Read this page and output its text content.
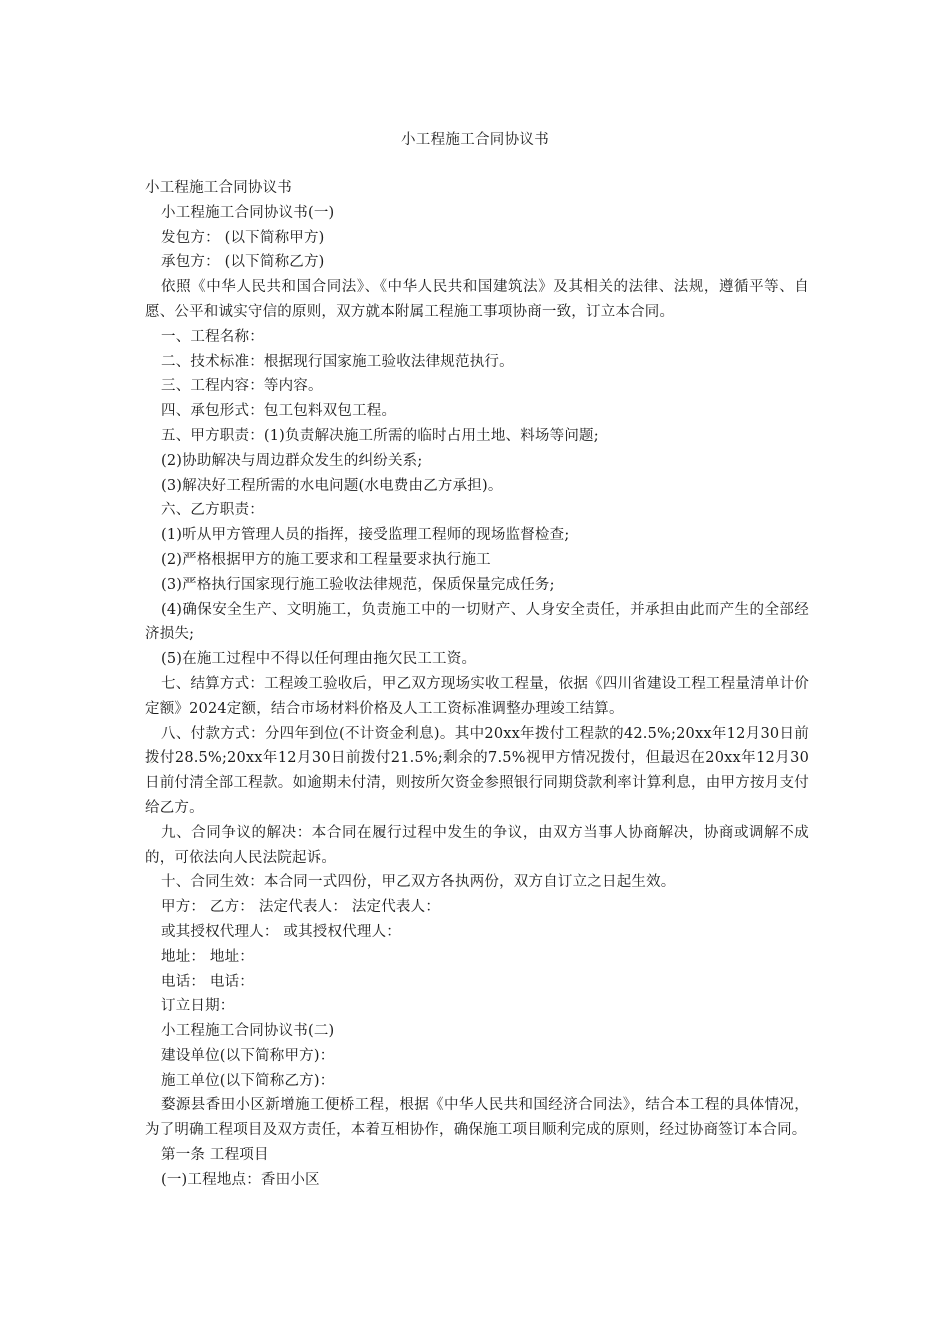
小工程施工合同协议书

小工程施工合同协议书

小工程施工合同协议书(一)

发包方： (以下简称甲方)

承包方： (以下简称乙方)

依照《中华人民共和国合同法》、《中华人民共和国建筑法》及其相关的法律、法规，遵循平等、自愿、公平和诚实守信的原则，双方就本附属工程施工事项协商一致，订立本合同。

一、工程名称：

二、技术标准：根据现行国家施工验收法律规范执行。

三、工程内容：等内容。

四、承包形式：包工包料双包工程。

五、甲方职责：(1)负责解决施工所需的临时占用土地、料场等问题;

(2)协助解决与周边群众发生的纠纷关系;

(3)解决好工程所需的水电问题(水电费由乙方承担)。

六、乙方职责：

(1)听从甲方管理人员的指挥，接受监理工程师的现场监督检查;

(2)严格根据甲方的施工要求和工程量要求执行施工

(3)严格执行国家现行施工验收法律规范，保质保量完成任务;

(4)确保安全生产、文明施工，负责施工中的一切财产、人身安全责任，并承担由此而产生的全部经济损失;

(5)在施工过程中不得以任何理由拖欠民工工资。

七、结算方式：工程竣工验收后，甲乙双方现场实收工程量，依据《四川省建设工程工程量清单计价定额》2024定额，结合市场材料价格及人工工资标准调整办理竣工结算。

八、付款方式：分四年到位(不计资金利息)。其中20xx年拨付工程款的42.5%;20xx年12月30日前拨付28.5%;20xx年12月30日前拨付21.5%;剩余的7.5%视甲方情况拨付，但最迟在20xx年12月30日前付清全部工程款。如逾期未付清，则按所欠资金参照银行同期贷款利率计算利息，由甲方按月支付给乙方。

九、合同争议的解决：本合同在履行过程中发生的争议，由双方当事人协商解决，协商或调解不成的，可依法向人民法院起诉。

十、合同生效：本合同一式四份，甲乙双方各执两份，双方自订立之日起生效。

甲方： 乙方： 法定代表人： 法定代表人：

或其授权代理人： 或其授权代理人：

地址： 地址：

电话： 电话：

订立日期：

小工程施工合同协议书(二)

建设单位(以下简称甲方)：

施工单位(以下简称乙方)：

婺源县香田小区新增施工便桥工程，根据《中华人民共和国经济合同法》，结合本工程的具体情况，为了明确工程项目及双方责任，本着互相协作，确保施工项目顺利完成的原则，经过协商签订本合同。

第一条 工程项目

(一)工程地点：香田小区
